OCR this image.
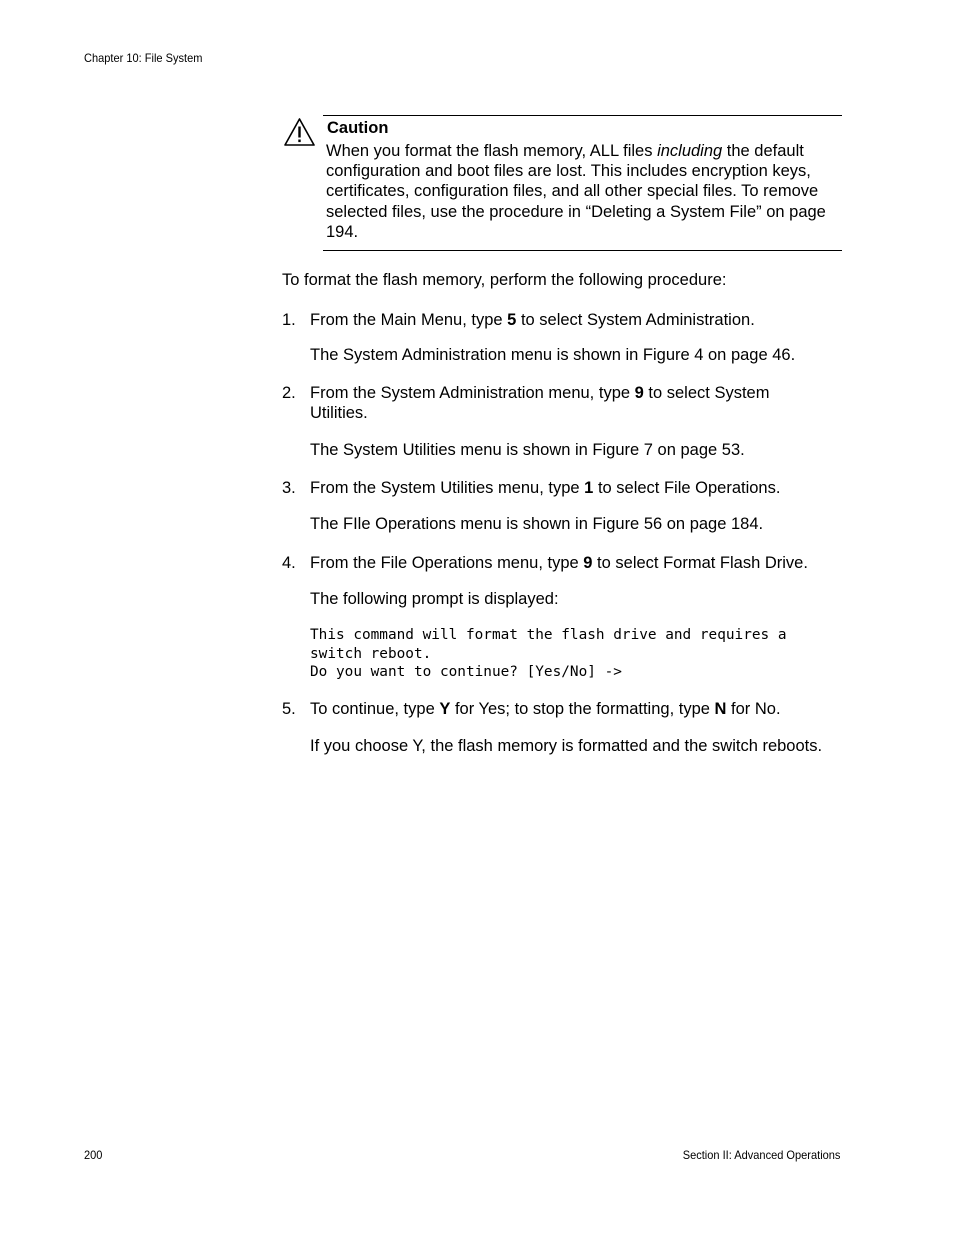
Chapter 10: File System
Caution

When you format the flash memory, ALL files including the default configuration and boot files are lost. This includes encryption keys, certificates, configuration files, and all other special files. To remove selected files, use the procedure in “Deleting a System File” on page 194.

To format the flash memory, perform the following procedure:
1. From the Main Menu, type 5 to select System Administration.
The System Administration menu is shown in Figure 4 on page 46.
2. From the System Administration menu, type 9 to select System Utilities.
The System Utilities menu is shown in Figure 7 on page 53.
3. From the System Utilities menu, type 1 to select File Operations.
The FIle Operations menu is shown in Figure 56 on page 184.
4. From the File Operations menu, type 9 to select Format Flash Drive.
The following prompt is displayed:
This command will format the flash drive and requires a
switch reboot.
Do you want to continue? [Yes/No] ->
5. To continue, type Y for Yes; to stop the formatting, type N for No.
If you choose Y, the flash memory is formatted and the switch reboots.
200	Section II: Advanced Operations
